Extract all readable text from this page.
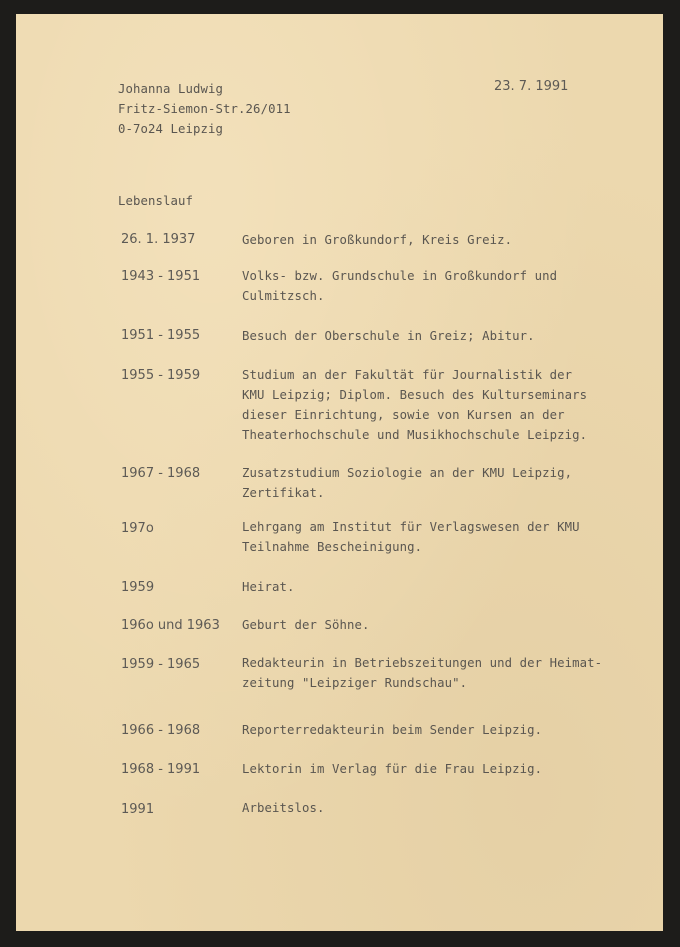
Johanna Ludwig
Fritz-Siemon-Str.26/011
0-7o24 Leipzig
23. 7. 1991
Lebenslauf
26. 1. 1937	Geboren in Großkundorf, Kreis Greiz.
1943 - 1951	Volks- bzw. Grundschule in Großkundorf und
Culmitzsch.
1951 - 1955	Besuch der Oberschule in Greiz; Abitur.
1955 - 1959	Studium an der Fakultät für Journalistik der
KMU Leipzig; Diplom. Besuch des Kulturseminars
dieser Einrichtung, sowie von Kursen an der
Theaterhochschule und Musikhochschule Leipzig.
1967 - 1968	Zusatzstudium Soziologie an der KMU Leipzig,
Zertifikat.
197o	Lehrgang am Institut für Verlagswesen der KMU
Teilnahme Bescheinigung.
1959	Heirat.
196o und 1963 Geburt der Söhne.
1959 - 1965	Redakteurin in Betriebszeitungen und der Heimat-
zeitung "Leipziger Rundschau".
1966 - 1968	Reporterredakteurin beim Sender Leipzig.
1968 - 1991	Lektorin im Verlag für die Frau Leipzig.
1991	Arbeitslos.
